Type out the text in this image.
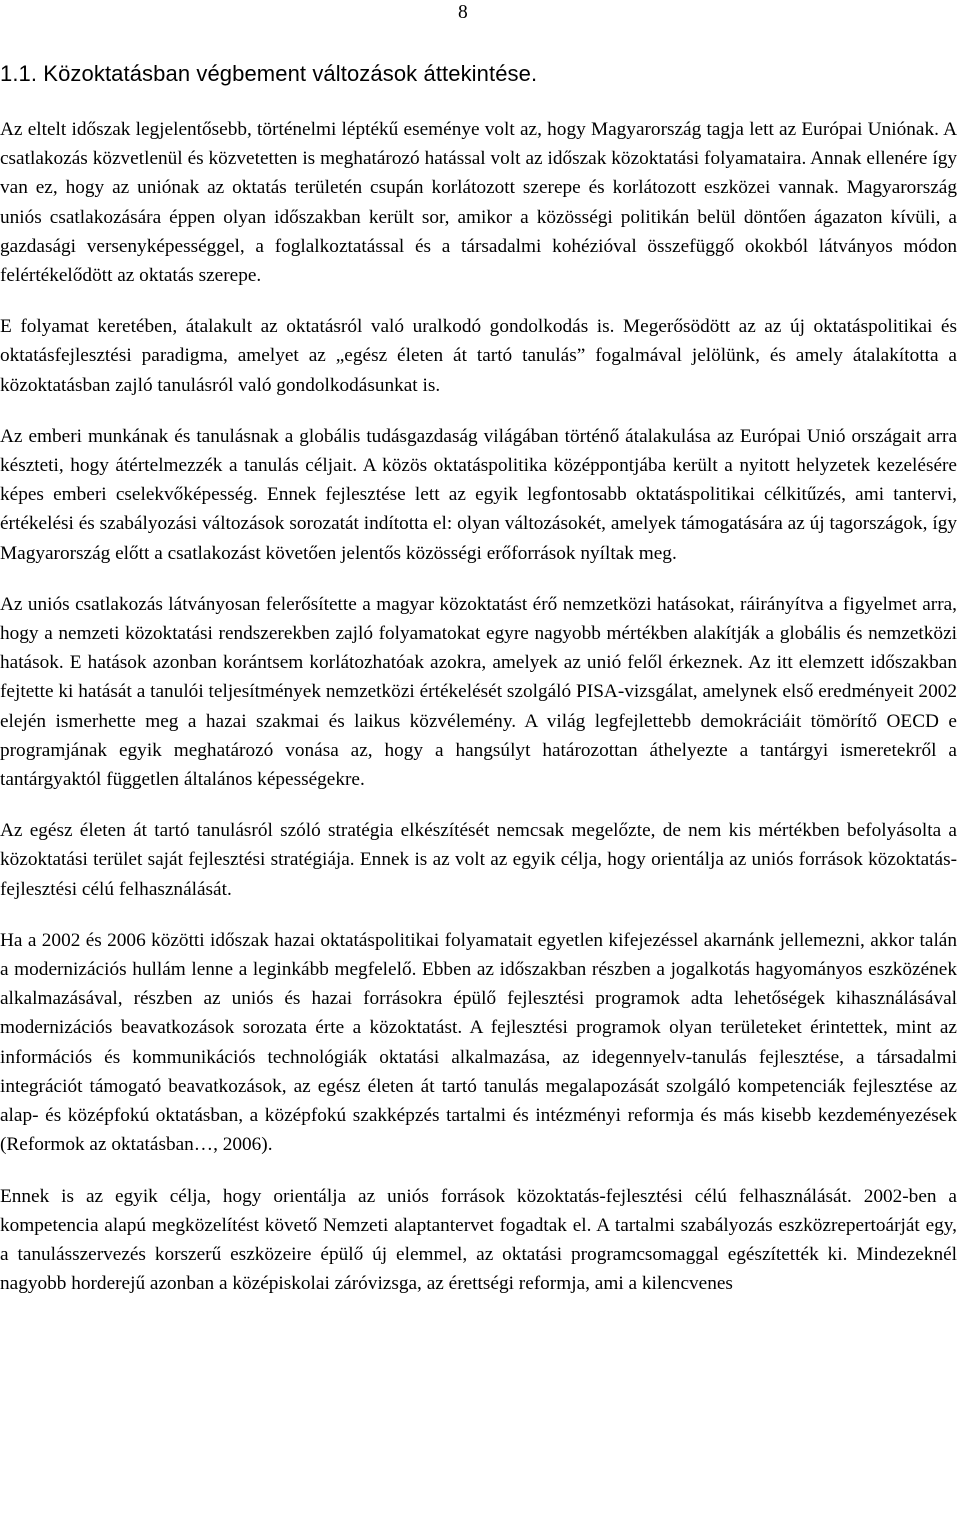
8
1.1. Közoktatásban végbement változások áttekintése.

Az eltelt időszak legjelentősebb, történelmi léptékű eseménye volt az, hogy Magyarország tagja lett az Európai Uniónak. A csatlakozás közvetlenül és közvetetten is meghatározó hatással volt az időszak közoktatási folyamataira. Annak ellenére így van ez, hogy az uniónak az oktatás területén csupán korlátozott szerepe és korlátozott eszközei vannak. Magyarország uniós csatlakozására éppen olyan időszakban került sor, amikor a közösségi politikán belül döntően ágazaton kívüli, a gazdasági versenyképességgel, a foglalkoztatással és a társadalmi kohézióval összefüggő okokból látványos módon felértékelődött az oktatás szerepe.

E folyamat keretében, átalakult az oktatásról való uralkodó gondolkodás is. Megerősödött az az új oktatáspolitikai és oktatásfejlesztési paradigma, amelyet az „egész életen át tartó tanulás” fogalmával jelölünk, és amely átalakította a közoktatásban zajló tanulásról való gondolkodásunkat is.

Az emberi munkának és tanulásnak a globális tudásgazdaság világában történő átalakulása az Európai Unió országait arra készteti, hogy átértelmezzék a tanulás céljait. A közös oktatáspolitika középpontjába került a nyitott helyzetek kezelésére képes emberi cselekvőképesség. Ennek fejlesztése lett az egyik legfontosabb oktatáspolitikai célkitűzés, ami tantervi, értékelési és szabályozási változások sorozatát indította el: olyan változásokét, amelyek támogatására az új tagországok, így Magyarország előtt a csatlakozást követően jelentős közösségi erőforrások nyíltak meg.

Az uniós csatlakozás látványosan felerősítette a magyar közoktatást érő nemzetközi hatásokat, ráirányítva a figyelmet arra, hogy a nemzeti közoktatási rendszerekben zajló folyamatokat egyre nagyobb mértékben alakítják a globális és nemzetközi hatások. E hatások azonban korántsem korlátozhatóak azokra, amelyek az unió felől érkeznek. Az itt elemzett időszakban fejtette ki hatását a tanulói teljesítmények nemzetközi értékelését szolgáló PISA-vizsgálat, amelynek első eredményeit 2002 elején ismerhette meg a hazai szakmai és laikus közvélemény. A világ legfejlettebb demokráciáit tömörítő OECD e programjának egyik meghatározó vonása az, hogy a hangsúlyt határozottan áthelyezte a tantárgyi ismeretekről a tantárgyaktól független általános képességekre.

Az egész életen át tartó tanulásról szóló stratégia elkészítését nemcsak megelőzte, de nem kis mértékben befolyásolta a közoktatási terület saját fejlesztési stratégiája. Ennek is az volt az egyik célja, hogy orientálja az uniós források közoktatás-fejlesztési célú felhasználását.

Ha a 2002 és 2006 közötti időszak hazai oktatáspolitikai folyamatait egyetlen kifejezéssel akarnánk jellemezni, akkor talán a modernizációs hullám lenne a leginkább megfelelő. Ebben az időszakban részben a jogalkotás hagyományos eszközének alkalmazásával, részben az uniós és hazai forrásokra épülő fejlesztési programok adta lehetőségek kihasználásával modernizációs beavatkozások sorozata érte a közoktatást. A fejlesztési programok olyan területeket érintettek, mint az információs és kommunikációs technológiák oktatási alkalmazása, az idegennyelv-tanulás fejlesztése, a társadalmi integrációt támogató beavatkozások, az egész életen át tartó tanulás megalapozását szolgáló kompetenciák fejlesztése az alap- és középfokú oktatásban, a középfokú szakképzés tartalmi és intézményi reformja és más kisebb kezdeményezések (Reformok az oktatásban…, 2006).

Ennek is az egyik célja, hogy orientálja az uniós források közoktatás-fejlesztési célú felhasználását. 2002-ben a kompetencia alapú megközelítést követő Nemzeti alaptantervet fogadtak el. A tartalmi szabályozás eszközrepertoárját egy, a tanulásszervezés korszerű eszközeire épülő új elemmel, az oktatási programcsomaggal egészítették ki. Mindezeknél nagyobb horderejű azonban a középiskolai záróvizsga, az érettségi reformja, ami a kilencvenes
